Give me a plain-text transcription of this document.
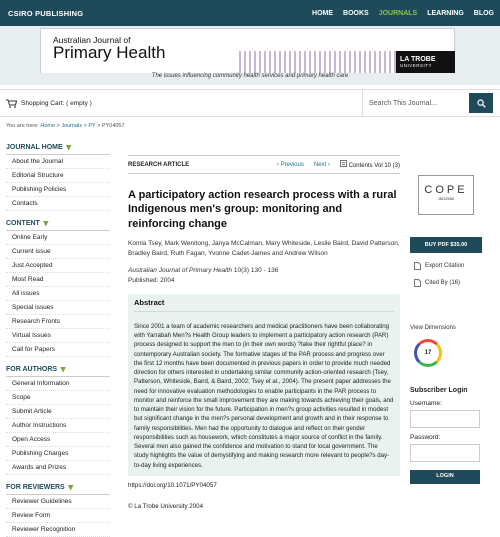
CSIRO PUBLISHING	HOME BOOKS JOURNALS LEARNING BLOG
Australian Journal of
Primary Health	LA TROBE
UNIVERSITY
The issues influencing community health services and primary health care
Shopping Cart: ( empty )	Search This Journal...
You are here: Home > Journals > PY > PY04057
JOURNAL HOME
About the Journal
Editorial Structure
Publishing Policies
Contacts
CONTENT
Online Early
Current issue
Just Accepted
Most Read
All issues
Special issues
Research Fronts
Virtual Issues
Call for Papers
FOR AUTHORS
General Information
Scope
Submit Article
Author Instructions
Open Access
Publishing Charges
Awards and Prizes
FOR REVIEWERS
Reviewer Guidelines
Review Form
Reviewer Recognition
RESEARCH ARTICLE	‹ Previous Next ›	Contents Vol 10 (3)
A participatory action research process with a rural Indigenous men's group: monitoring and reinforcing change
Komla Tsey, Mark Wenitong, Janya McCalman, Mary Whiteside, Leslie Baird, David Patterson, Bradley Baird, Ruth Fagan, Yvonne Cadet-James and Andrew Wilson
Australian Journal of Primary Health 10(3) 130 - 136
Published: 2004
Abstract

Since 2001 a team of academic researchers and medical practitioners have been collaborating with Yarrabah Men?s Health Group leaders to implement a participatory action research (PAR) process designed to support the men to (in their own words) ?take their rightful place? in contemporary Australian society. The formative stages of the PAR process and progress over the first 12 months have been documented in previous papers in order to provide much needed direction for others interested in undertaking similar community action-oriented research (Tsey, Patterson, Whiteside, Baird, & Baird, 2002; Tsey et al., 2004). The present paper addresses the need for innovative evaluation methodologies to enable participants in the PAR process to monitor and reinforce the small improvement they are making towards achieving their goals, and to maintain their vision for the future. Participation in men?s group activities resulted in modest but significant change in the men?s personal development and growth and in their response to family responsibilities. Men had the opportunity to dialogue and reflect on their gender responsibilities such as housework, which constitutes a major source of conflict in the family. Several men also gained the confidence and motivation to stand for local government. The study highlights the value of demystifying and making research more relevant to people?s day-to-day living experiences.

https://doi.org/10.1071/PY04057
© La Trobe University 2004
COPE
JM12550
BUY PDF $35.00
Export Citation
Cited By (16)
View Dimensions
17
Subscriber Login
Username:
Password:
LOGIN
